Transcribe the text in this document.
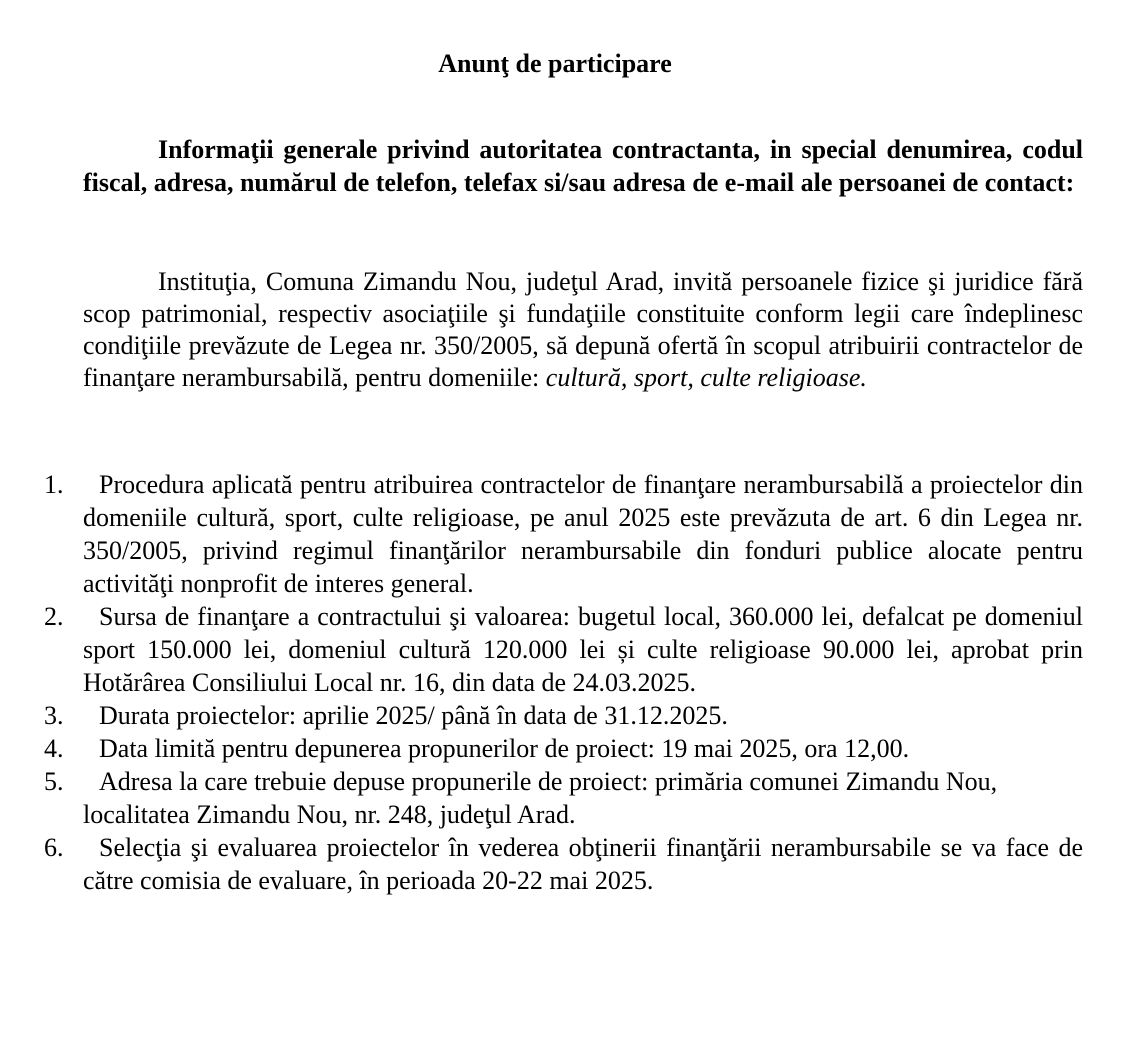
Anunţ de participare

Informaţii generale privind autoritatea contractanta, in special denumirea, codul fiscal, adresa, numărul de telefon, telefax si/sau adresa de e-mail ale persoanei de contact:

Instituţia, Comuna Zimandu Nou, judeţul Arad, invită persoanele fizice şi juridice fără scop patrimonial, respectiv asociaţiile şi fundaţiile constituite conform legii care îndeplinesc condiţiile prevăzute de Legea nr. 350/2005, să depună ofertă în scopul atribuirii contractelor de finanţare nerambursabilă, pentru domeniile: cultură, sport, culte religioase.

1.	Procedura aplicată pentru atribuirea contractelor de finanţare nerambursabilă a proiectelor din domeniile cultură, sport, culte religioase, pe anul 2025 este prevăzuta de art. 6 din Legea nr. 350/2005, privind regimul finanţărilor nerambursabile din fonduri publice alocate pentru activităţi nonprofit de interes general.
2.	Sursa de finanţare a contractului şi valoarea: bugetul local, 360.000 lei, defalcat pe domeniul sport 150.000 lei, domeniul cultură 120.000 lei și culte religioase 90.000 lei, aprobat prin Hotărârea Consiliului Local nr. 16, din data de 24.03.2025.
3.	Durata proiectelor: aprilie 2025/ până în data de 31.12.2025.
4.	Data limită pentru depunerea propunerilor de proiect: 19 mai 2025, ora 12,00.
5.	Adresa la care trebuie depuse propunerile de proiect: primăria comunei Zimandu Nou, localitatea Zimandu Nou, nr. 248, judeţul Arad.
6.	Selecţia şi evaluarea proiectelor în vederea obţinerii finanţării nerambursabile se va face de către comisia de evaluare, în perioada 20-22 mai 2025.
